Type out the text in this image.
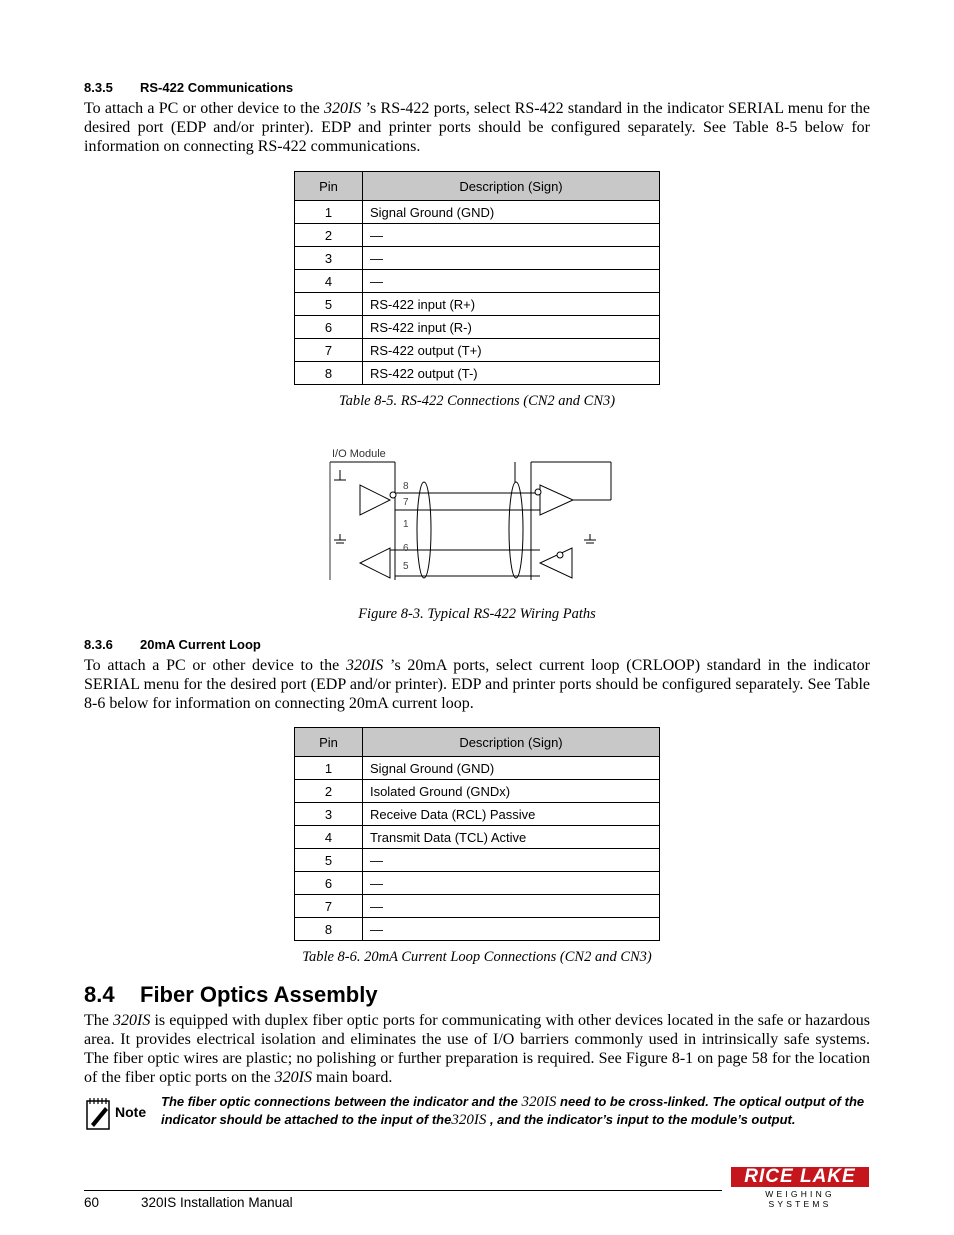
8.3.5 RS-422 Communications
To attach a PC or other device to the 320IS ’s RS-422 ports, select RS-422 standard in the indicator SERIAL menu for the desired port (EDP and/or printer). EDP and printer ports should be configured separately. See Table 8-5 below for information on connecting RS-422 communications.
Pin	Description (Sign)
1	Signal Ground (GND)
2	—
3	—
4	—
5	RS-422 input (R+)
6	RS-422 input (R-)
7	RS-422 output (T+)
8	RS-422 output (T-)
Table 8-5. RS-422 Connections (CN2 and CN3)
I/O Module
8
7
1
6
5
Figure 8-3. Typical RS-422 Wiring Paths
8.3.6 20mA Current Loop
To attach a PC or other device to the 320IS ’s 20mA ports, select current loop (CRLOOP) standard in the indicator SERIAL menu for the desired port (EDP and/or printer). EDP and printer ports should be configured separately. See Table 8-6 below for information on connecting 20mA current loop.
Pin	Description (Sign)
1	Signal Ground (GND)
2	Isolated Ground (GNDx)
3	Receive Data (RCL) Passive
4	Transmit Data (TCL) Active
5	—
6	—
7	—
8	—
Table 8-6. 20mA Current Loop Connections (CN2 and CN3)
8.4 Fiber Optics Assembly
The 320IS is equipped with duplex fiber optic ports for communicating with other devices located in the safe or hazardous area. It provides electrical isolation and eliminates the use of I/O barriers commonly used in intrinsically safe systems. The fiber optic wires are plastic; no polishing or further preparation is required. See Figure 8-1 on page 58 for the location of the fiber optic ports on the 320IS main board.
Note
The fiber optic connections between the indicator and the 320IS need to be cross-linked. The optical output of the indicator should be attached to the input of the320IS , and the indicator’s input to the module’s output.
60	320IS Installation Manual
RICE LAKE
WEIGHING SYSTEMS
